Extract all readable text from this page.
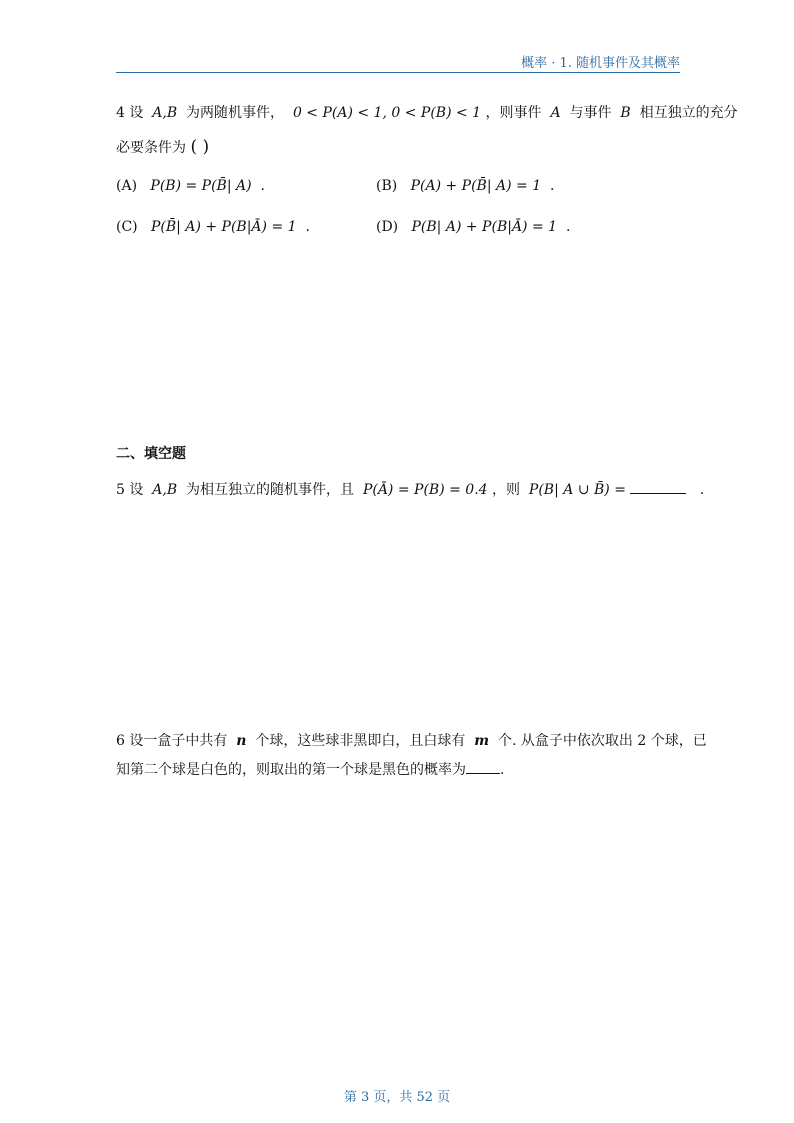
概率 · 1. 随机事件及其概率
4 设 A,B 为两随机事件， 0 < P(A) < 1, 0 < P(B) < 1 ，则事件 A 与事件 B 相互独立的充分
必要条件为 ( )
(A) P(B) = P(B̄| A) .	(B) P(A) + P(B̄| A) = 1 .
(C) P(B̄| A) + P(B|Ā) = 1 .	(D) P(B| A) + P(B|Ā) = 1 .
二、填空题
5 设 A,B 为相互独立的随机事件，且 P(Ā) = P(B) = 0.4 ，则 P(B| A ∪ B̄) =	.
6 设一盒子中共有 n 个球，这些球非黑即白，且白球有 m 个. 从盒子中依次取出 2 个球，已
知第二个球是白色的，则取出的第一个球是黑色的概率为 .
第 3 页，共 52 页
